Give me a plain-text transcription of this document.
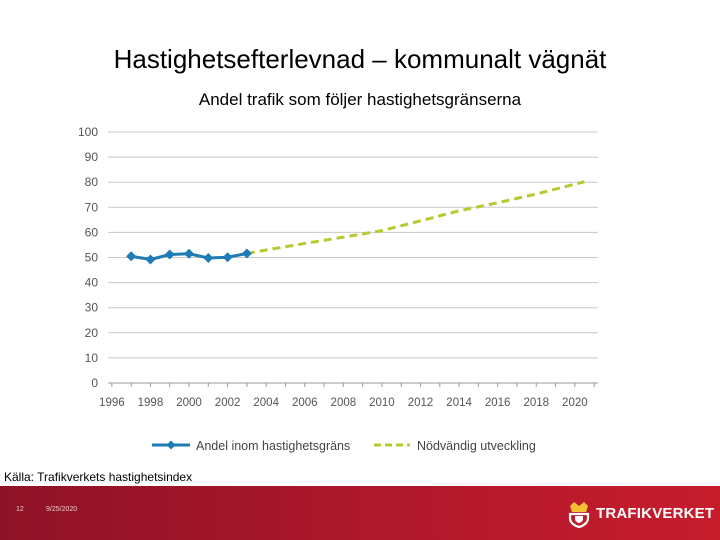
Hastighetsefterlevnad – kommunalt vägnät
Andel trafik som följer hastighetsgränserna
0
10
20
30
40
50
60
70
80
90
100
1996 1998 2000 2002 2004 2006 2008 2010 2012 2014 2016 2018 2020
Andel inom hastighetsgräns	Nödvändig utveckling
Källa: Trafikverkets hastighetsindex
12	9/25/2020	TRAFIKVERKET
